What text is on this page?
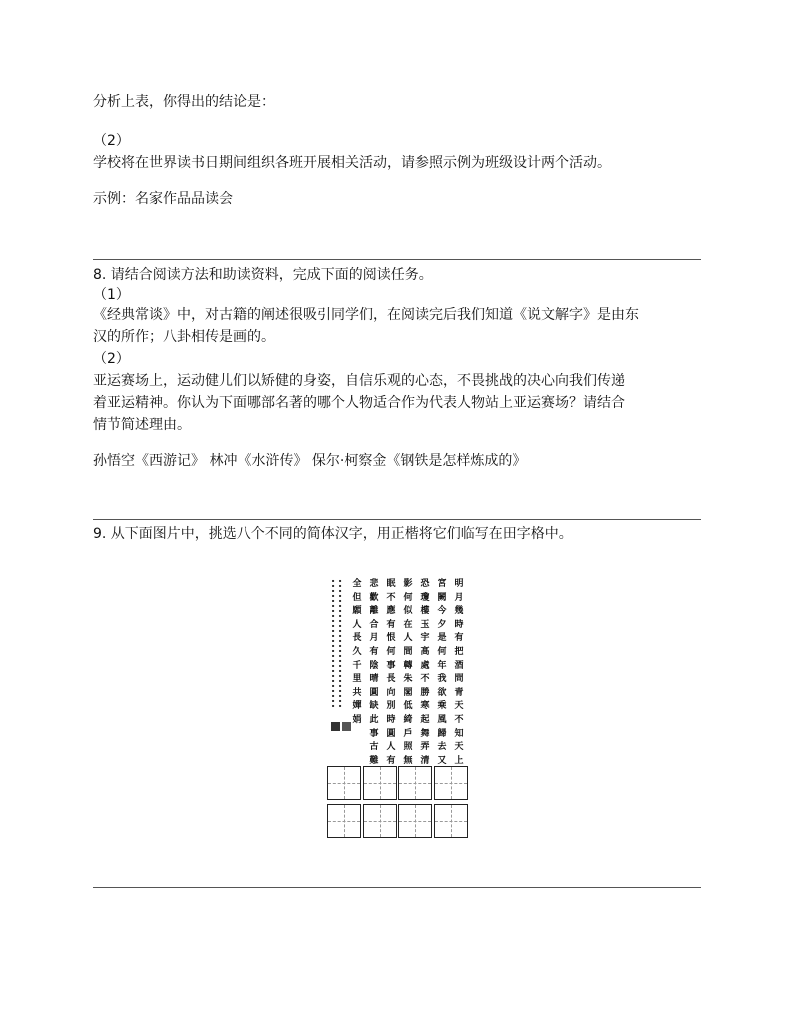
分析上表，你得出的结论是：
（2）
学校将在世界读书日期间组织各班开展相关活动，请参照示例为班级设计两个活动。
示例：名家作品品读会
8. 请结合阅读方法和助读资料，完成下面的阅读任务。
（1）
《经典常谈》中，对古籍的阐述很吸引同学们，在阅读完后我们知道《说文解字》是由东
汉的所作；八卦相传是画的。
（2）
亚运赛场上，运动健儿们以矫健的身姿，自信乐观的心态，不畏挑战的决心向我们传递
着亚运精神。你认为下面哪部名著的哪个人物适合作为代表人物站上亚运赛场？请结合
情节简述理由。
孙悟空《西游记》 林冲《水浒传》 保尔·柯察金《钢铁是怎样炼成的》
9. 从下面图片中，挑选八个不同的简体汉字，用正楷将它们临写在田字格中。
▪
▪
▪
▪
▪
▪
▪
▪
▪
▪
▪
▪
▪
▪
▪
▪
▪
▪
▪
▪
▪
▪
▪
▪
▪
▪
▪
▪
▪
▪
▪
▪
▪
▪
▪
▪
▪
▪
▪
▪
▪
▪
▪
▪
▪
▪
▪
▪
▪
▪
▪
▪
明
月
幾
時
有
把
酒
問
青
天
不
知
天
上
宮
闕
今
夕
是
何
年
我
欲
乘
風
歸
去
又
恐
瓊
樓
玉
宇
高
處
不
勝
寒
起
舞
弄
清
影
何
似
在
人
間
轉
朱
閣
低
綺
戶
照
無
眠
不
應
有
恨
何
事
長
向
別
時
圓
人
有
悲
歡
離
合
月
有
陰
晴
圓
缺
此
事
古
難
全
但
願
人
長
久
千
里
共
嬋
娟
